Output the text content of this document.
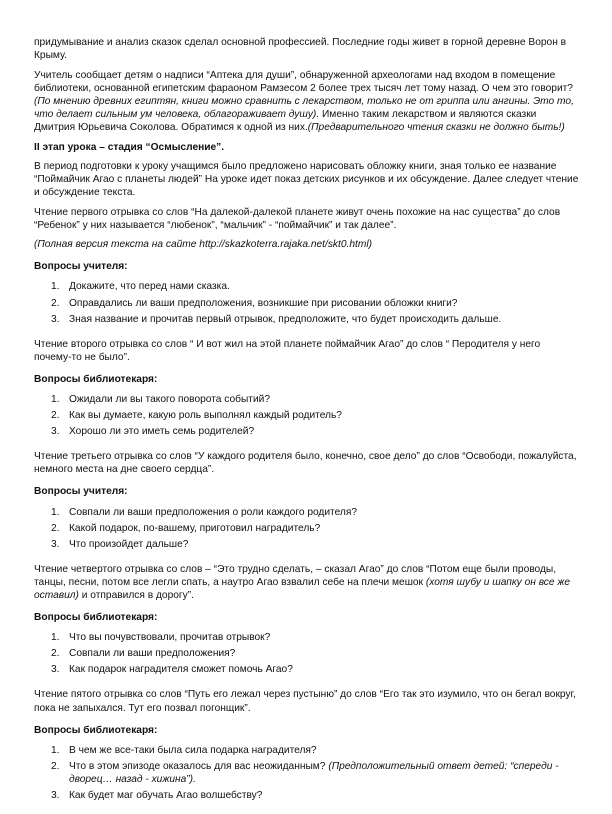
придумывание и анализ сказок сделал основной профессией. Последние годы живет в горной деревне Ворон в Крыму.

Учитель сообщает детям о надписи “Аптека для души”, обнаруженной археологами над входом в помещение библиотеки, основанной египетским фараоном Рамзесом 2 более трех тысяч лет тому назад. О чем это говорит? (По мнению древних египтян, книги можно сравнить с лекарством, только не от гриппа или ангины. Это то, что делает сильным ум человека, облагораживает душу). Именно таким лекарством и являются сказки Дмитрия Юрьевича Соколова. Обратимся к одной из них.(Предварительного чтения сказки не должно быть!)

II этап урока – стадия “Осмысление”.

В период подготовки к уроку учащимся было предложено нарисовать обложку книги, зная только ее название “Поймайчик Агао с планеты людей” На уроке идет показ детских рисунков и их обсуждение. Далее следует чтение и обсуждение текста.

Чтение первого отрывка со слов “На далекой-далекой планете живут очень похожие на нас существа” до слов “Ребенок” у них называется “любенок”, “мальчик” - “поймайчик” и так далее”.

(Полная версия текста на сайте http://skazkoterra.rajaka.net/skt0.html)

Вопросы учителя:

1. Докажите, что перед нами сказка.
2. Оправдались ли ваши предположения, возникшие при рисовании обложки книги?
3. Зная название и прочитав первый отрывок, предположите, что будет происходить дальше.

Чтение второго отрывка со слов “ И вот жил на этой планете поймайчик Агао” до слов “ Перодителя у него почему-то не было”.

Вопросы библиотекаря:

1. Ожидали ли вы такого поворота событий?
2. Как вы думаете, какую роль выполнял каждый родитель?
3. Хорошо ли это иметь семь родителей?

Чтение третьего отрывка со слов “У каждого родителя было, конечно, свое дело” до слов “Освободи, пожалуйста, немного места на дне своего сердца”.

Вопросы учителя:

1. Совпали ли ваши предположения о роли каждого родителя?
2. Какой подарок, по-вашему, приготовил наградитель?
3. Что произойдет дальше?

Чтение четвертого отрывка со слов – “Это трудно сделать, – сказал Агао” до слов “Потом еще были проводы, танцы, песни, потом все легли спать, а наутро Агао взвалил себе на плечи мешок (хотя шубу и шапку он все же оставил) и отправился в дорогу”.

Вопросы библиотекаря:

1. Что вы почувствовали, прочитав отрывок?
2. Совпали ли ваши предположения?
3. Как подарок наградителя сможет помочь Агао?

Чтение пятого отрывка со слов “Путь его лежал через пустыню” до слов “Его так это изумило, что он бегал вокруг, пока не запыхался. Тут его позвал погонщик”.

Вопросы библиотекаря:

1. В чем же все-таки была сила подарка наградителя?
2. Что в этом эпизоде оказалось для вас неожиданным? (Предположительный ответ детей: “спереди - дворец… назад - хижина”).
3. Как будет маг обучать Агао волшебству?
